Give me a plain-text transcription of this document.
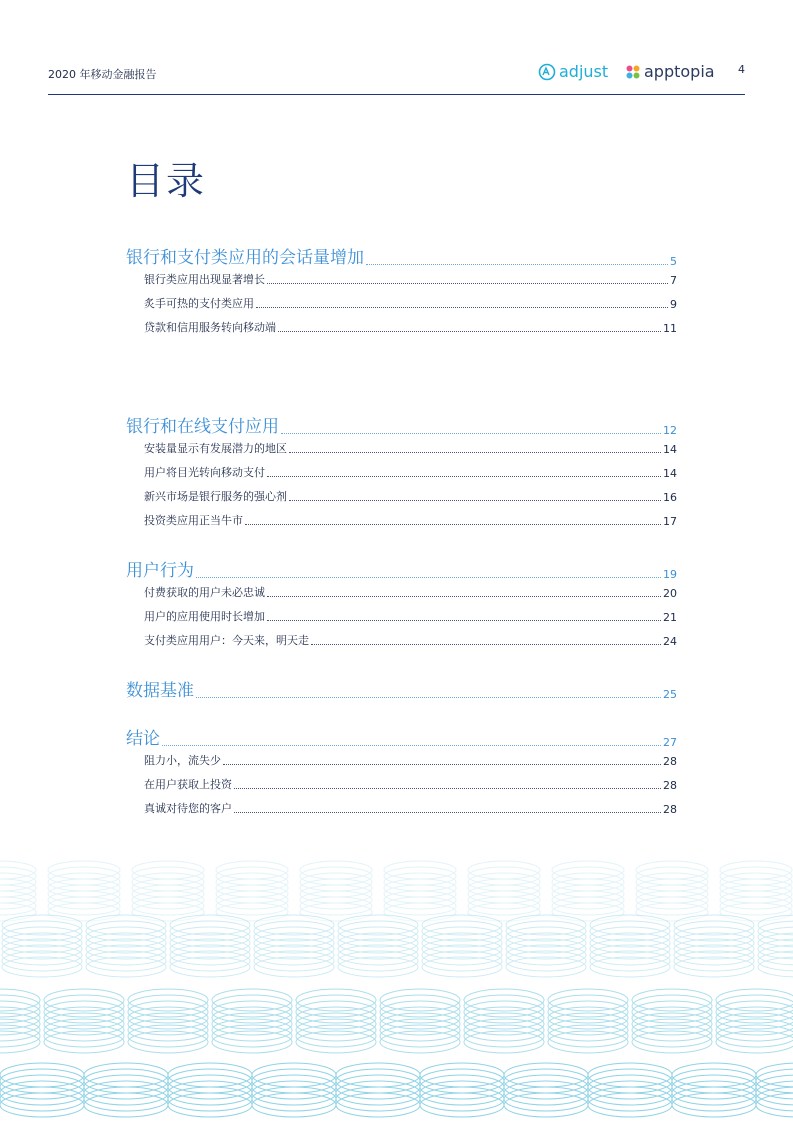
2020 年移动金融报告	adjust apptopia 4
目录
银行和支付类应用的会话量增加	5
银行类应用出现显著增长	7
炙手可热的支付类应用	9
贷款和信用服务转向移动端	11
银行和在线支付应用	12
安装量显示有发展潜力的地区	14
用户将目光转向移动支付	14
新兴市场是银行服务的强心剂	16
投资类应用正当牛市	17
用户行为	19
付费获取的用户未必忠诚	20
用户的应用使用时长增加	21
支付类应用用户：今天来，明天走	24
数据基准	25
结论	27
阻力小，流失少	28
在用户获取上投资	28
真诚对待您的客户	28
